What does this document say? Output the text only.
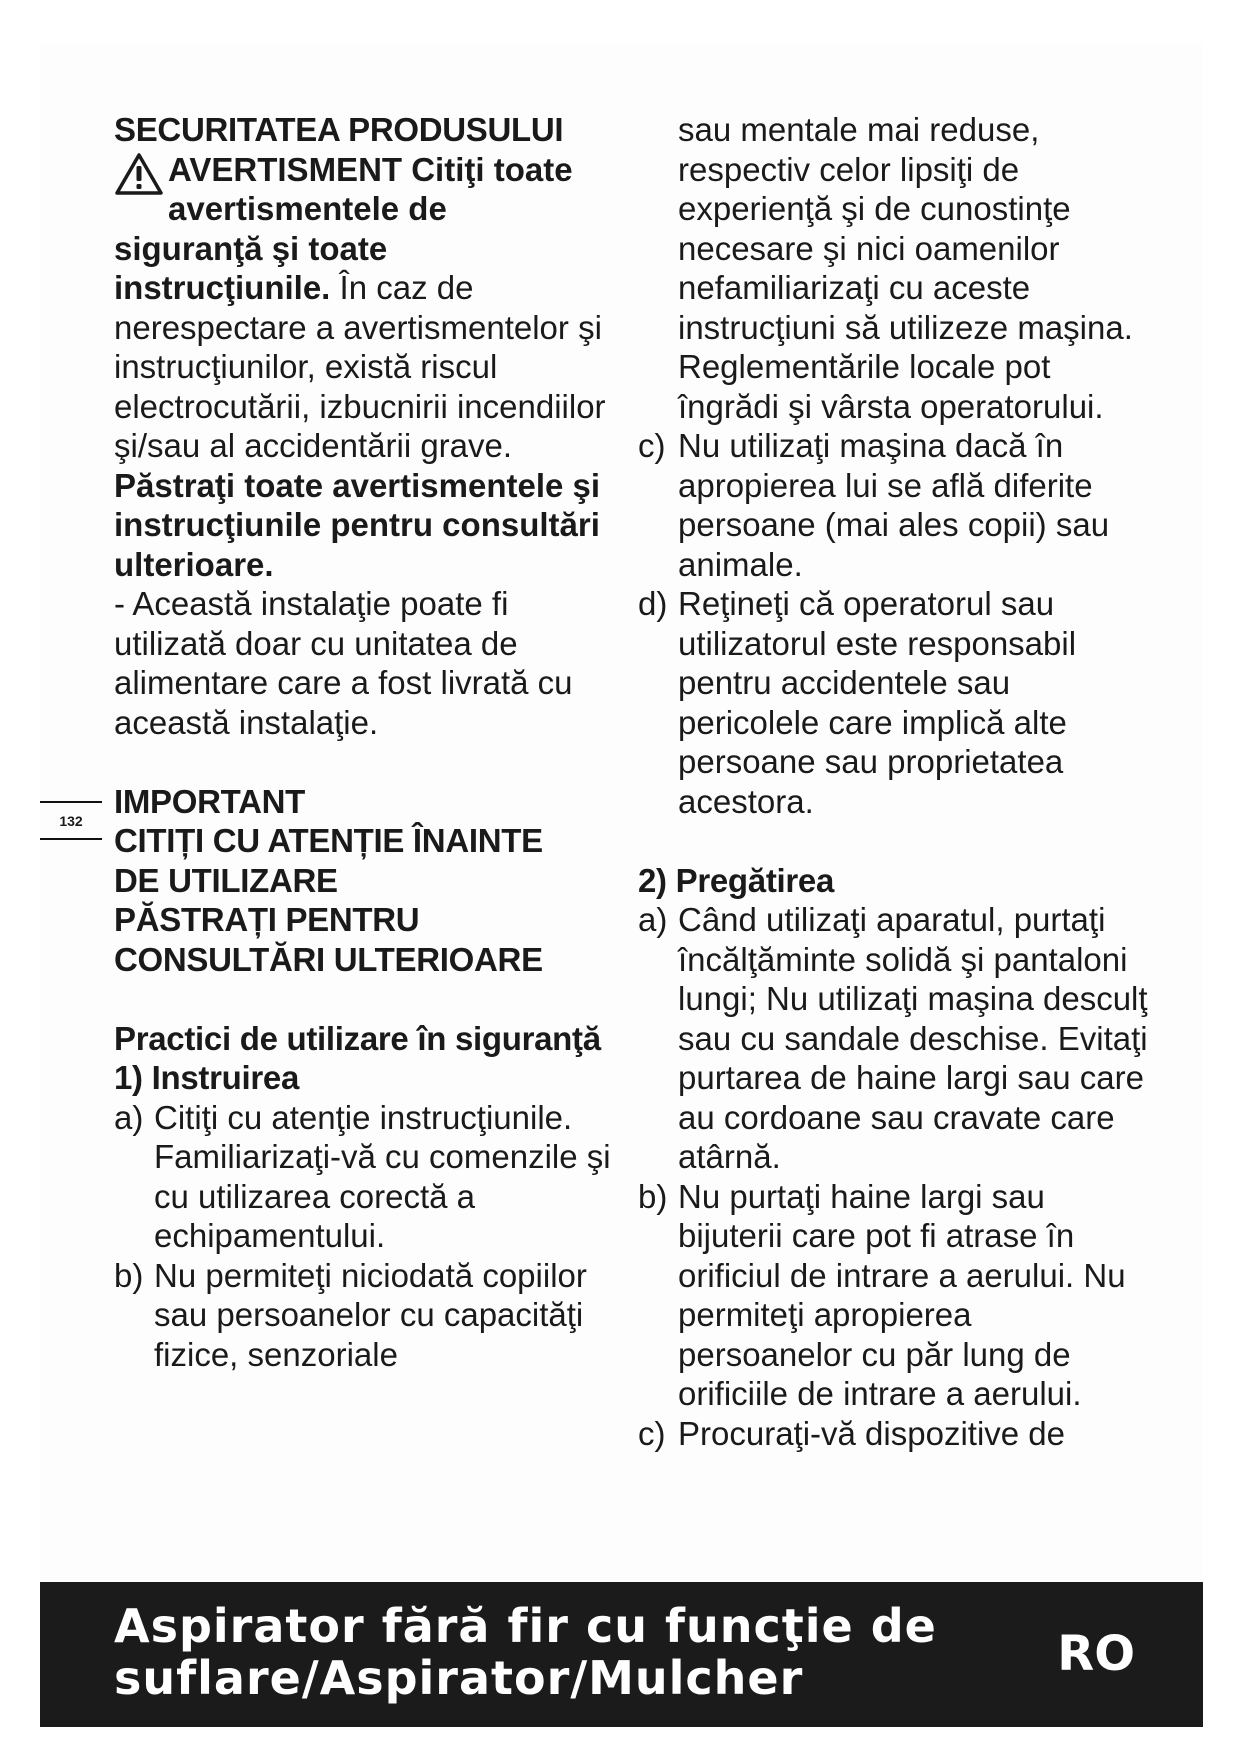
132

SECURITATEA PRODUSULUI

AVERTISMENT Citiţi toate
avertismentele de
siguranţă şi toate

instrucţiunile. În caz de nerespectare a avertismentelor şi instrucţiunilor, există riscul electrocutării, izbucnirii incendiilor şi/sau al accidentării grave.

Păstraţi toate avertismentele şi instrucţiunile pentru consultări ulterioare.

- Această instalaţie poate fi utilizată doar cu unitatea de alimentare care a fost livrată cu această instalaţie.

IMPORTANT

CITIȚI CU ATENȚIE ÎNAINTE

DE UTILIZARE

PĂSTRAȚI PENTRU

CONSULTĂRI ULTERIOARE

Practici de utilizare în siguranţă

1) Instruirea

a) Citiţi cu atenţie instrucţiunile. Familiarizaţi-vă cu comenzile şi cu utilizarea corectă a echipamentului.
b) Nu permiteţi niciodată copiilor sau persoanelor cu capacităţi fizice, senzoriale

sau mentale mai reduse, respectiv celor lipsiţi de experienţă şi de cunostinţe necesare şi nici oamenilor nefamiliarizaţi cu aceste instrucţiuni să utilizeze maşina. Reglementările locale pot îngrădi şi vârsta operatorului.

c) Nu utilizaţi maşina dacă în apropierea lui se află diferite persoane (mai ales copii) sau animale.
d) Reţineţi că operatorul sau utilizatorul este responsabil pentru accidentele sau pericolele care implică alte persoane sau proprietatea acestora.

2) Pregătirea

a) Când utilizaţi aparatul, purtaţi încălţăminte solidă şi pantaloni lungi; Nu utilizaţi maşina desculţ sau cu sandale deschise. Evitaţi purtarea de haine largi sau care au cordoane sau cravate care atârnă.
b) Nu purtaţi haine largi sau bijuterii care pot fi atrase în orificiul de intrare a aerului. Nu permiteţi apropierea persoanelor cu păr lung de orificiile de intrare a aerului.
c) Procuraţi-vă dispozitive de
Aspirator fără fir cu funcţie de
suflare/Aspirator/Mulcher	RO
